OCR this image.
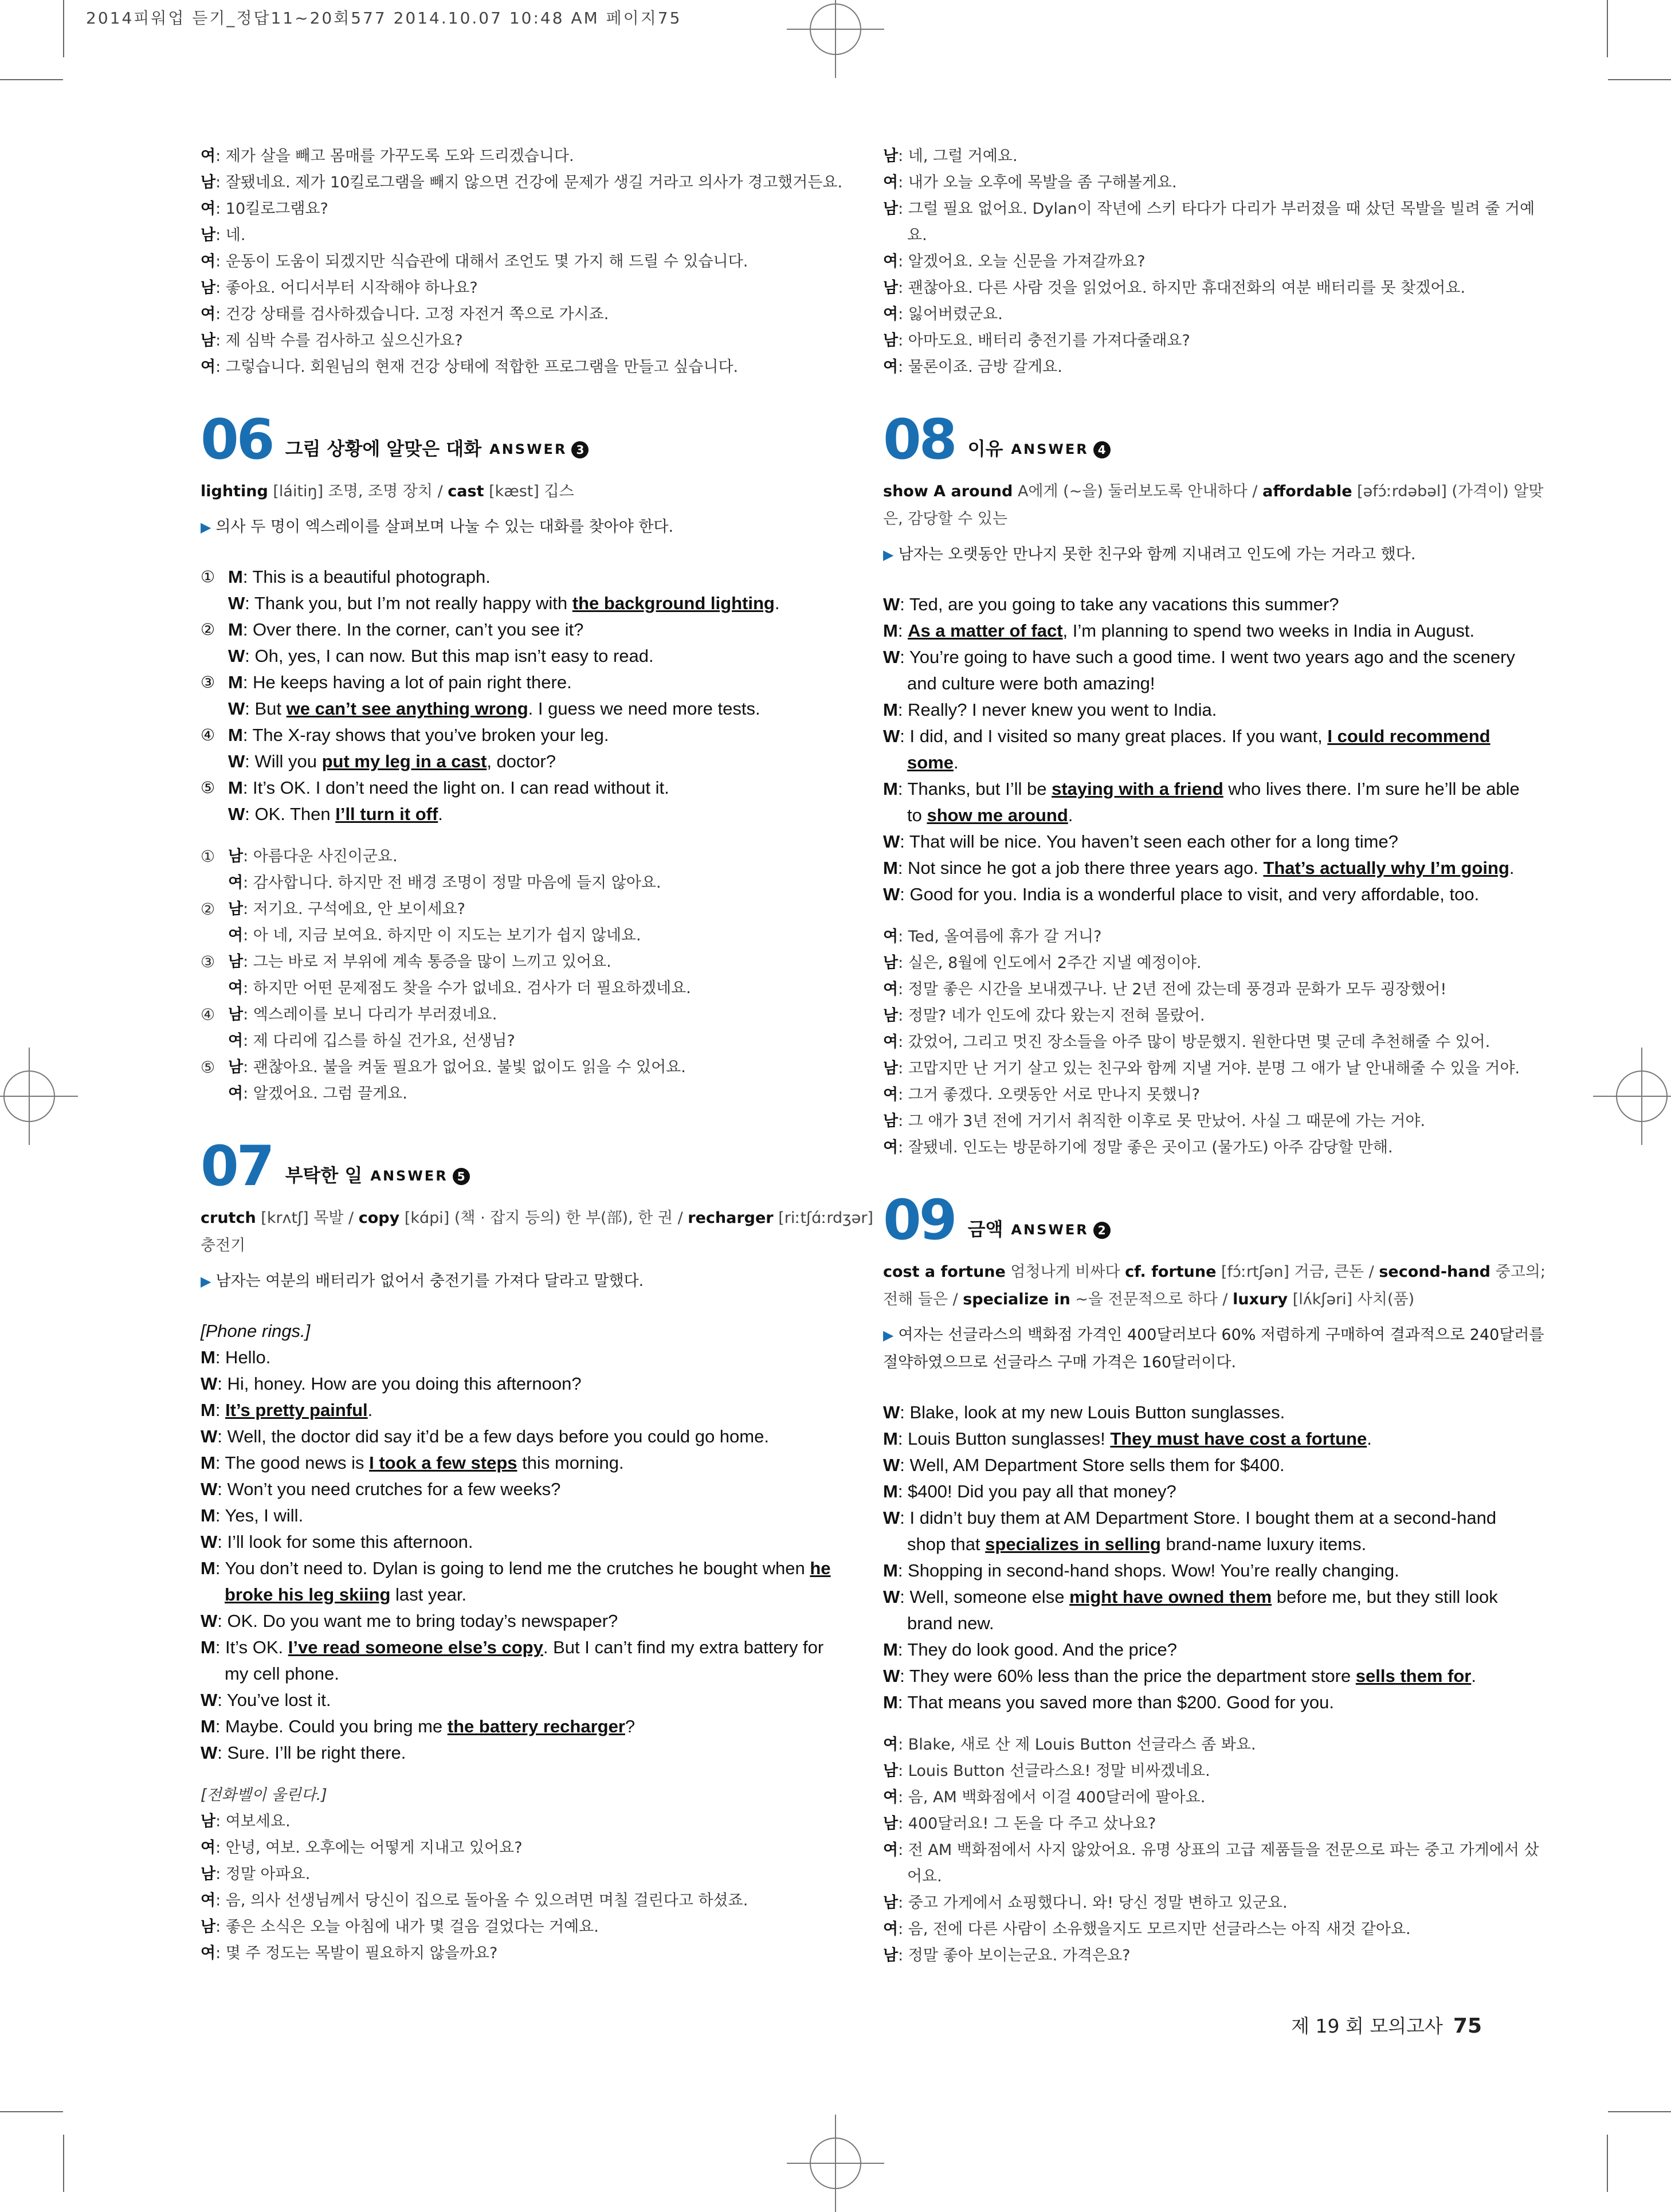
2014피워업 듣기_정답11~20회577 2014.10.07 10:48 AM 페이지75
여: 제가 살을 빼고 몸매를 가꾸도록 도와 드리겠습니다.
남: 잘됐네요. 제가 10킬로그램을 빼지 않으면 건강에 문제가 생길 거라고 의사가 경고했거든요.
여: 10킬로그램요?
남: 네.
여: 운동이 도움이 되겠지만 식습관에 대해서 조언도 몇 가지 해 드릴 수 있습니다.
남: 좋아요. 어디서부터 시작해야 하나요?
여: 건강 상태를 검사하겠습니다. 고정 자전거 쪽으로 가시죠.
남: 제 심박 수를 검사하고 싶으신가요?
여: 그렇습니다. 회원님의 현재 건강 상태에 적합한 프로그램을 만들고 싶습니다.
06 그림 상황에 알맞은 대화 ANSWER 3
lighting [láitiŋ] 조명, 조명 장치 / cast [kæst] 깁스
▶ 의사 두 명이 엑스레이를 살펴보며 나눌 수 있는 대화를 찾아야 한다.
① M: This is a beautiful photograph.
W: Thank you, but I’m not really happy with the background lighting.
② M: Over there. In the corner, can’t you see it?
W: Oh, yes, I can now. But this map isn’t easy to read.
③ M: He keeps having a lot of pain right there.
W: But we can’t see anything wrong. I guess we need more tests.
④ M: The X-ray shows that you’ve broken your leg.
W: Will you put my leg in a cast, doctor?
⑤ M: It’s OK. I don’t need the light on. I can read without it.
W: OK. Then I’ll turn it off.
① 남: 아름다운 사진이군요.
여: 감사합니다. 하지만 전 배경 조명이 정말 마음에 들지 않아요.
② 남: 저기요. 구석에요, 안 보이세요?
여: 아 네, 지금 보여요. 하지만 이 지도는 보기가 쉽지 않네요.
③ 남: 그는 바로 저 부위에 계속 통증을 많이 느끼고 있어요.
여: 하지만 어떤 문제점도 찾을 수가 없네요. 검사가 더 필요하겠네요.
④ 남: 엑스레이를 보니 다리가 부러졌네요.
여: 제 다리에 깁스를 하실 건가요, 선생님?
⑤ 남: 괜찮아요. 불을 켜둘 필요가 없어요. 불빛 없이도 읽을 수 있어요.
여: 알겠어요. 그럼 끌게요.
07 부탁한 일 ANSWER 5
crutch [krʌtʃ] 목발 / copy [kɑ́pi] (책 · 잡지 등의) 한 부(部), 한 권 / recharger [riːtʃɑ́ːrdʒər]
충전기
▶ 남자는 여분의 배터리가 없어서 충전기를 가져다 달라고 말했다.
[Phone rings.]
M: Hello.
W: Hi, honey. How are you doing this afternoon?
M: It’s pretty painful.
W: Well, the doctor did say it’d be a few days before you could go home.
M: The good news is I took a few steps this morning.
W: Won’t you need crutches for a few weeks?
M: Yes, I will.
W: I’ll look for some this afternoon.
M: You don’t need to. Dylan is going to lend me the crutches he bought when he
broke his leg skiing last year.
W: OK. Do you want me to bring today’s newspaper?
M: It’s OK. I’ve read someone else’s copy. But I can’t find my extra battery for
my cell phone.
W: You’ve lost it.
M: Maybe. Could you bring me the battery recharger?
W: Sure. I’ll be right there.
[전화벨이 울린다.]
남: 여보세요.
여: 안녕, 여보. 오후에는 어떻게 지내고 있어요?
남: 정말 아파요.
여: 음, 의사 선생님께서 당신이 집으로 돌아올 수 있으려면 며칠 걸린다고 하셨죠.
남: 좋은 소식은 오늘 아침에 내가 몇 걸음 걸었다는 거예요.
여: 몇 주 정도는 목발이 필요하지 않을까요?
남: 네, 그럴 거예요.
여: 내가 오늘 오후에 목발을 좀 구해볼게요.
남: 그럴 필요 없어요. Dylan이 작년에 스키 타다가 다리가 부러졌을 때 샀던 목발을 빌려 줄 거예
요.
여: 알겠어요. 오늘 신문을 가져갈까요?
남: 괜찮아요. 다른 사람 것을 읽었어요. 하지만 휴대전화의 여분 배터리를 못 찾겠어요.
여: 잃어버렸군요.
남: 아마도요. 배터리 충전기를 가져다줄래요?
여: 물론이죠. 금방 갈게요.
08 이유 ANSWER 4
show A around A에게 (~을) 둘러보도록 안내하다 / affordable [əfɔ́ːrdəbəl] (가격이) 알맞
은, 감당할 수 있는
▶ 남자는 오랫동안 만나지 못한 친구와 함께 지내려고 인도에 가는 거라고 했다.
W: Ted, are you going to take any vacations this summer?
M: As a matter of fact, I’m planning to spend two weeks in India in August.
W: You’re going to have such a good time. I went two years ago and the scenery
and culture were both amazing!
M: Really? I never knew you went to India.
W: I did, and I visited so many great places. If you want, I could recommend
some.
M: Thanks, but I’ll be staying with a friend who lives there. I’m sure he’ll be able
to show me around.
W: That will be nice. You haven’t seen each other for a long time?
M: Not since he got a job there three years ago. That’s actually why I’m going.
W: Good for you. India is a wonderful place to visit, and very affordable, too.
여: Ted, 올여름에 휴가 갈 거니?
남: 실은, 8월에 인도에서 2주간 지낼 예정이야.
여: 정말 좋은 시간을 보내겠구나. 난 2년 전에 갔는데 풍경과 문화가 모두 굉장했어!
남: 정말? 네가 인도에 갔다 왔는지 전혀 몰랐어.
여: 갔었어, 그리고 멋진 장소들을 아주 많이 방문했지. 원한다면 몇 군데 추천해줄 수 있어.
남: 고맙지만 난 거기 살고 있는 친구와 함께 지낼 거야. 분명 그 애가 날 안내해줄 수 있을 거야.
여: 그거 좋겠다. 오랫동안 서로 만나지 못했니?
남: 그 애가 3년 전에 거기서 취직한 이후로 못 만났어. 사실 그 때문에 가는 거야.
여: 잘됐네. 인도는 방문하기에 정말 좋은 곳이고 (물가도) 아주 감당할 만해.
09 금액 ANSWER 2
cost a fortune 엄청나게 비싸다 cf. fortune [fɔ́ːrtʃən] 거금, 큰돈 / second-hand 중고의;
전해 들은 / specialize in ~을 전문적으로 하다 / luxury [lʌ́kʃəri] 사치(품)
▶ 여자는 선글라스의 백화점 가격인 400달러보다 60% 저렴하게 구매하여 결과적으로 240달러를
절약하였으므로 선글라스 구매 가격은 160달러이다.
W: Blake, look at my new Louis Button sunglasses.
M: Louis Button sunglasses! They must have cost a fortune.
W: Well, AM Department Store sells them for $400.
M: $400! Did you pay all that money?
W: I didn’t buy them at AM Department Store. I bought them at a second-hand
shop that specializes in selling brand-name luxury items.
M: Shopping in second-hand shops. Wow! You’re really changing.
W: Well, someone else might have owned them before me, but they still look
brand new.
M: They do look good. And the price?
W: They were 60% less than the price the department store sells them for.
M: That means you saved more than $200. Good for you.
여: Blake, 새로 산 제 Louis Button 선글라스 좀 봐요.
남: Louis Button 선글라스요! 정말 비싸겠네요.
여: 음, AM 백화점에서 이걸 400달러에 팔아요.
남: 400달러요! 그 돈을 다 주고 샀나요?
여: 전 AM 백화점에서 사지 않았어요. 유명 상표의 고급 제품들을 전문으로 파는 중고 가게에서 샀
어요.
남: 중고 가게에서 쇼핑했다니. 와! 당신 정말 변하고 있군요.
여: 음, 전에 다른 사람이 소유했을지도 모르지만 선글라스는 아직 새것 같아요.
남: 정말 좋아 보이는군요. 가격은요?
제 19 회 모의고사 75
